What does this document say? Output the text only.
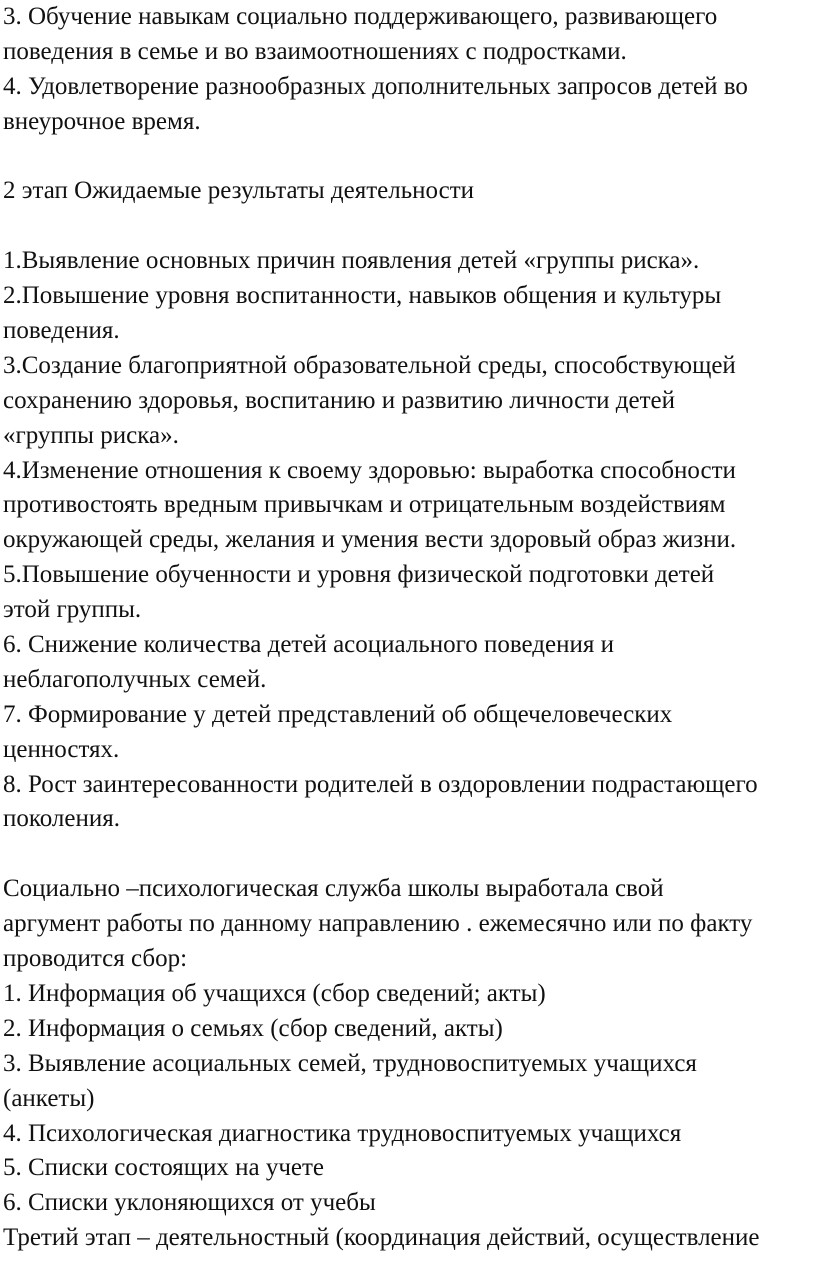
3. Обучение навыкам социально поддерживающего, развивающего
поведения в семье и во взаимоотношениях с подростками.
4. Удовлетворение разнообразных дополнительных запросов детей во
внеурочное время.
2 этап Ожидаемые результаты деятельности
1.Выявление основных причин появления детей «группы риска».
2.Повышение уровня воспитанности, навыков общения и культуры
поведения.
3.Создание благоприятной образовательной среды, способствующей
сохранению здоровья, воспитанию и развитию личности детей
«группы риска».
4.Изменение отношения к своему здоровью: выработка способности
противостоять вредным привычкам и отрицательным воздействиям
окружающей среды, желания и умения вести здоровый образ жизни.
5.Повышение обученности и уровня физической подготовки детей
этой группы.
6. Снижение количества детей асоциального поведения и
неблагополучных семей.
7. Формирование у детей представлений об общечеловеческих
ценностях.
8. Рост заинтересованности родителей в оздоровлении подрастающего
поколения.
Социально –психологическая служба школы выработала свой
аргумент работы по данному направлению . ежемесячно или по факту
проводится сбор:
1. Информация об учащихся (сбор сведений; акты)
2. Информация о семьях (сбор сведений, акты)
3. Выявление асоциальных семей, трудновоспитуемых учащихся
(анкеты)
4. Психологическая диагностика трудновоспитуемых учащихся
5. Списки состоящих на учете
6. Списки уклоняющихся от учебы
Третий этап – деятельностный (координация действий, осуществление
